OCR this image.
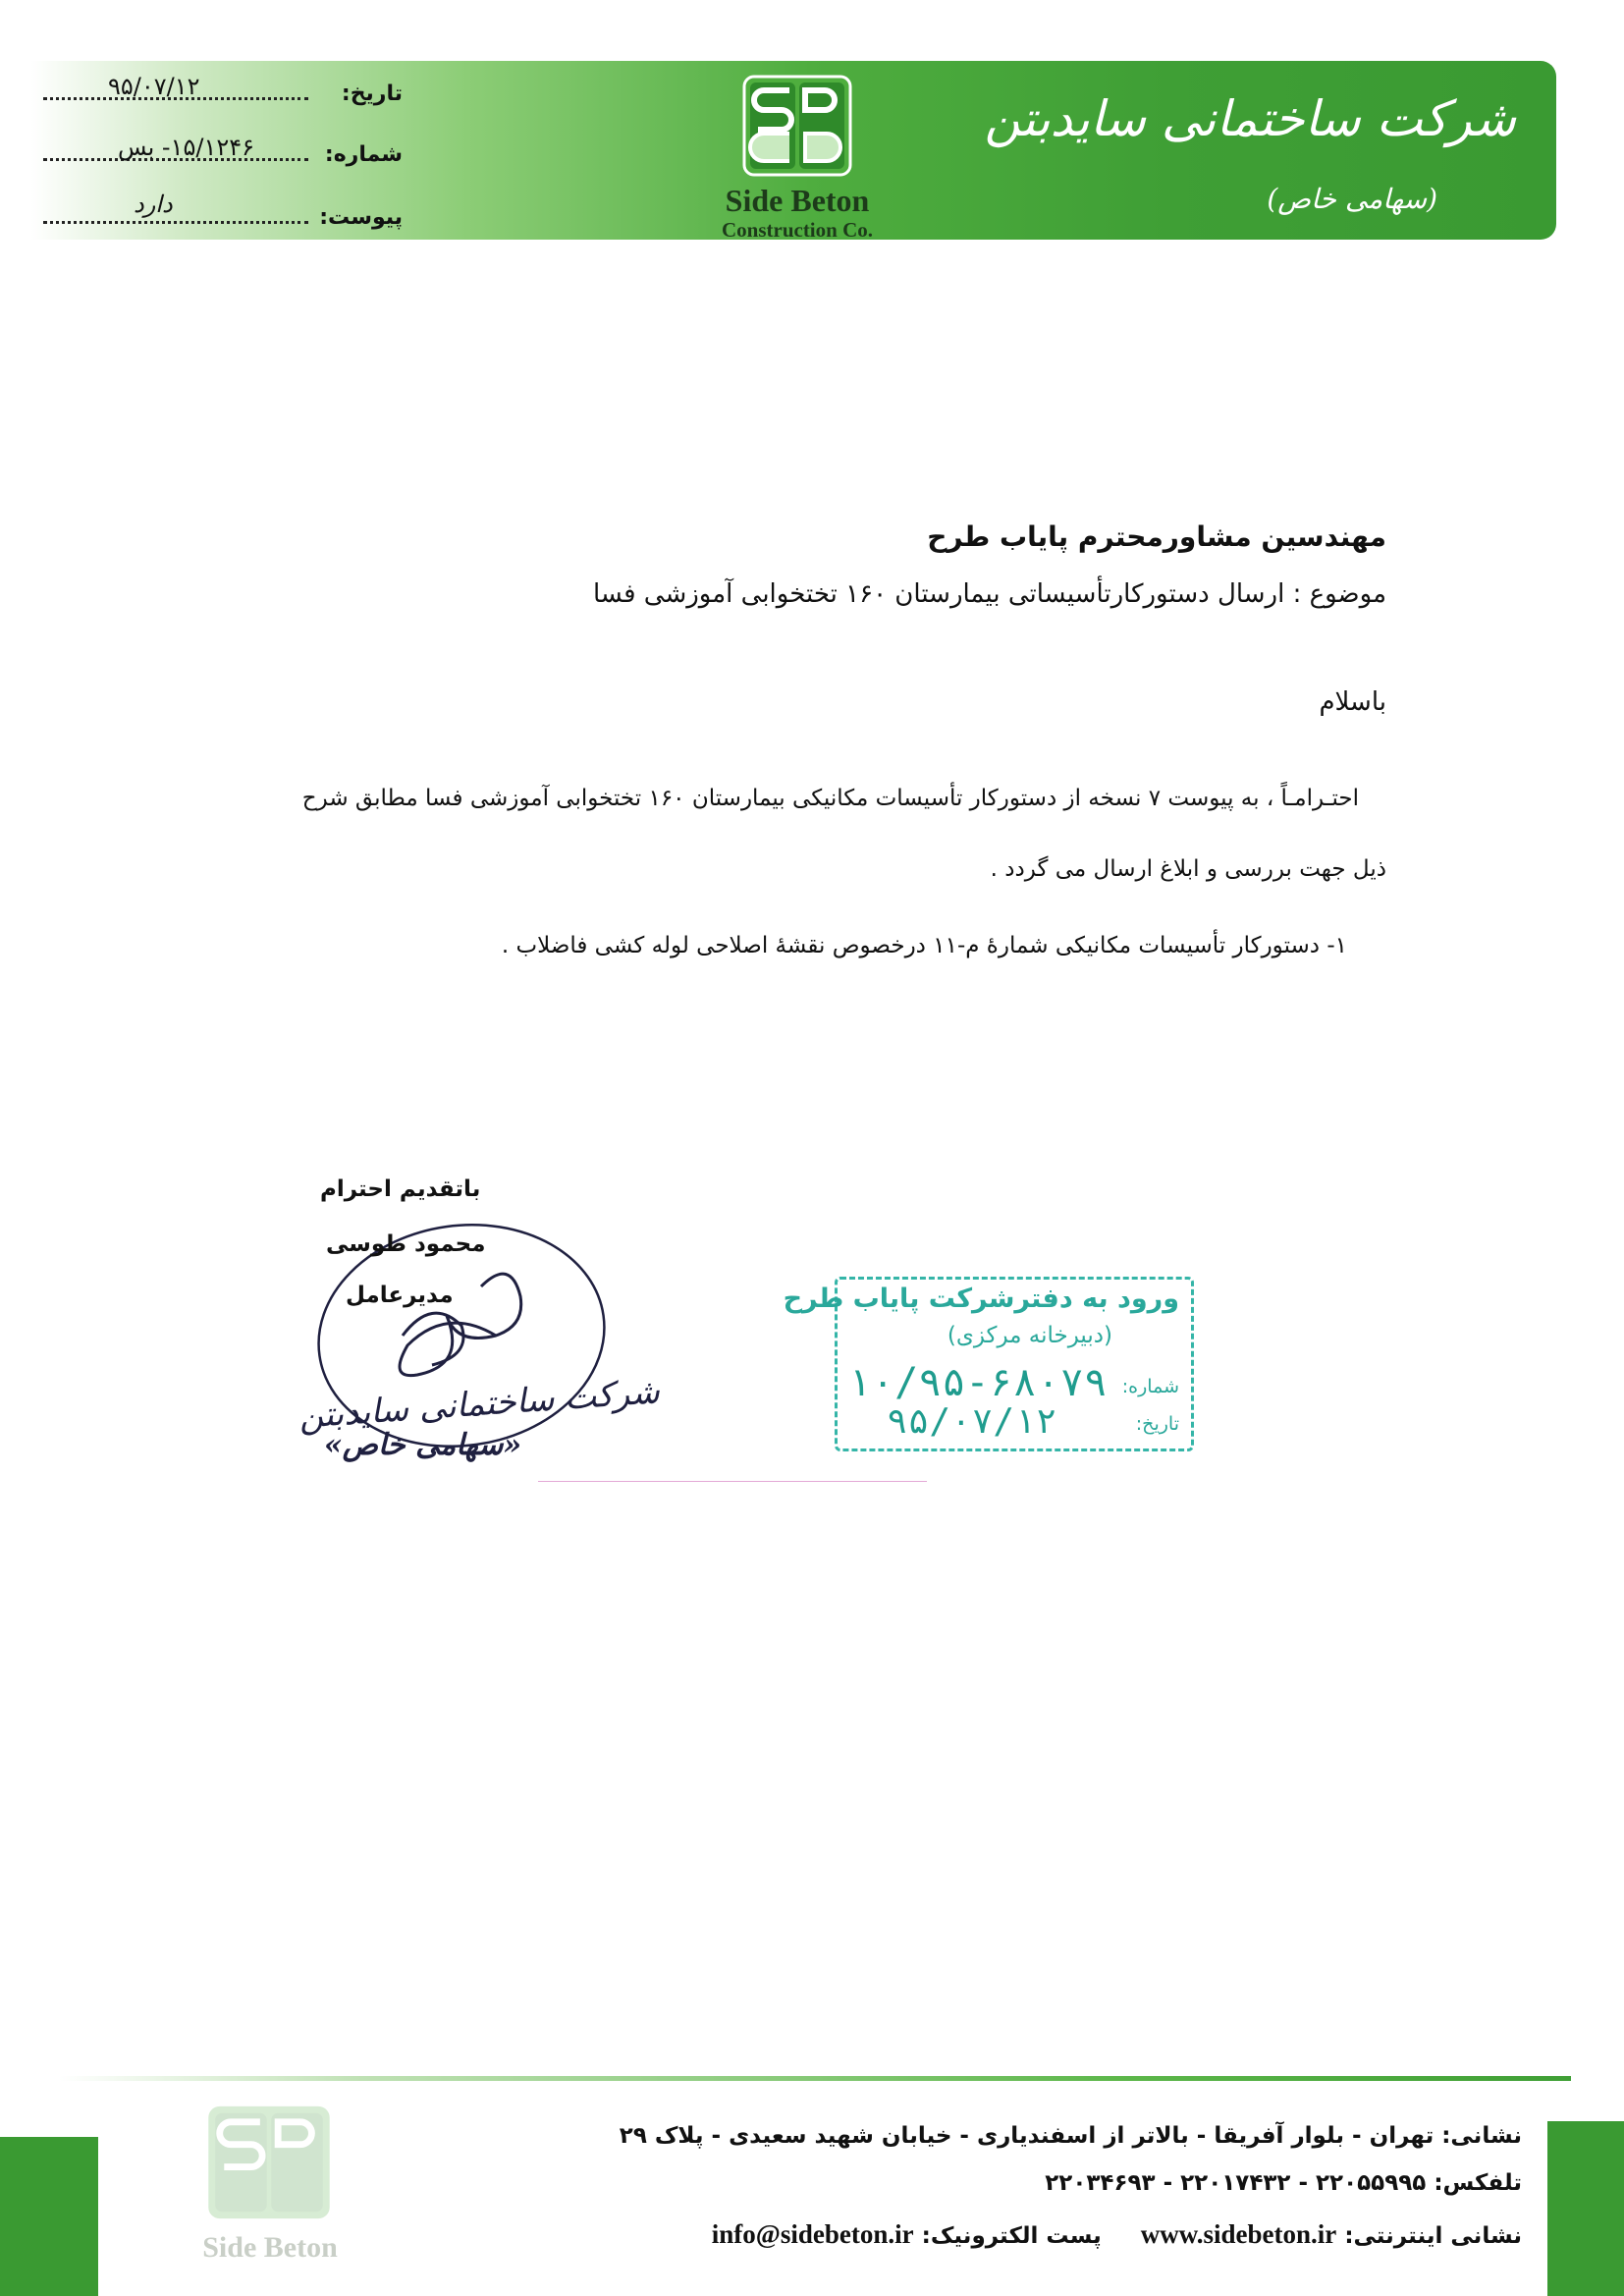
شرکت ساختمانی سایدبتن
(سهامی خاص)
Side Beton
Construction Co.
تاریخ:
۹۵/۰۷/۱۲
شماره:
۱۵/۱۲۴۶- بس
پیوست:
دارد
مهندسین مشاورمحترم پایاب طرح
موضوع : ارسال دستورکارتأسیساتی بیمارستان ۱۶۰ تختخوابی آموزشی فسا
باسلام
احتـرامـاً ، به پیوست ۷ نسخه از دستورکار تأسیسات مکانیکی بیمارستان ۱۶۰ تختخوابی آموزشی فسا مطابق شرح
ذیل جهت بررسی و ابلاغ ارسال می گردد .
۱- دستورکار تأسیسات مکانیکی شمارهٔ م-۱۱ درخصوص نقشهٔ اصلاحی لوله کشی فاضلاب .
باتقدیم احترام
محمود طوسی
مدیرعامل
شرکت ساختمانی سایدبتن
«سهامی خاص»
ورود به دفترشرکت پایاب طرح
(دبیرخانه مرکزی)
شماره:
۱۰/۹۵-۶۸۰۷۹
تاریخ:
۹۵/۰۷/۱۲
Side Beton
نشانی: تهران - بلوار آفریقا - بالاتر از اسفندیاری - خیابان شهید سعیدی - پلاک ۲۹
تلفکس: ۲۲۰۵۵۹۹۵ - ۲۲۰۱۷۴۳۲ - ۲۲۰۳۴۶۹۳
نشانی اینترنتی: www.sidebeton.ir     پست الکترونیک: info@sidebeton.ir
